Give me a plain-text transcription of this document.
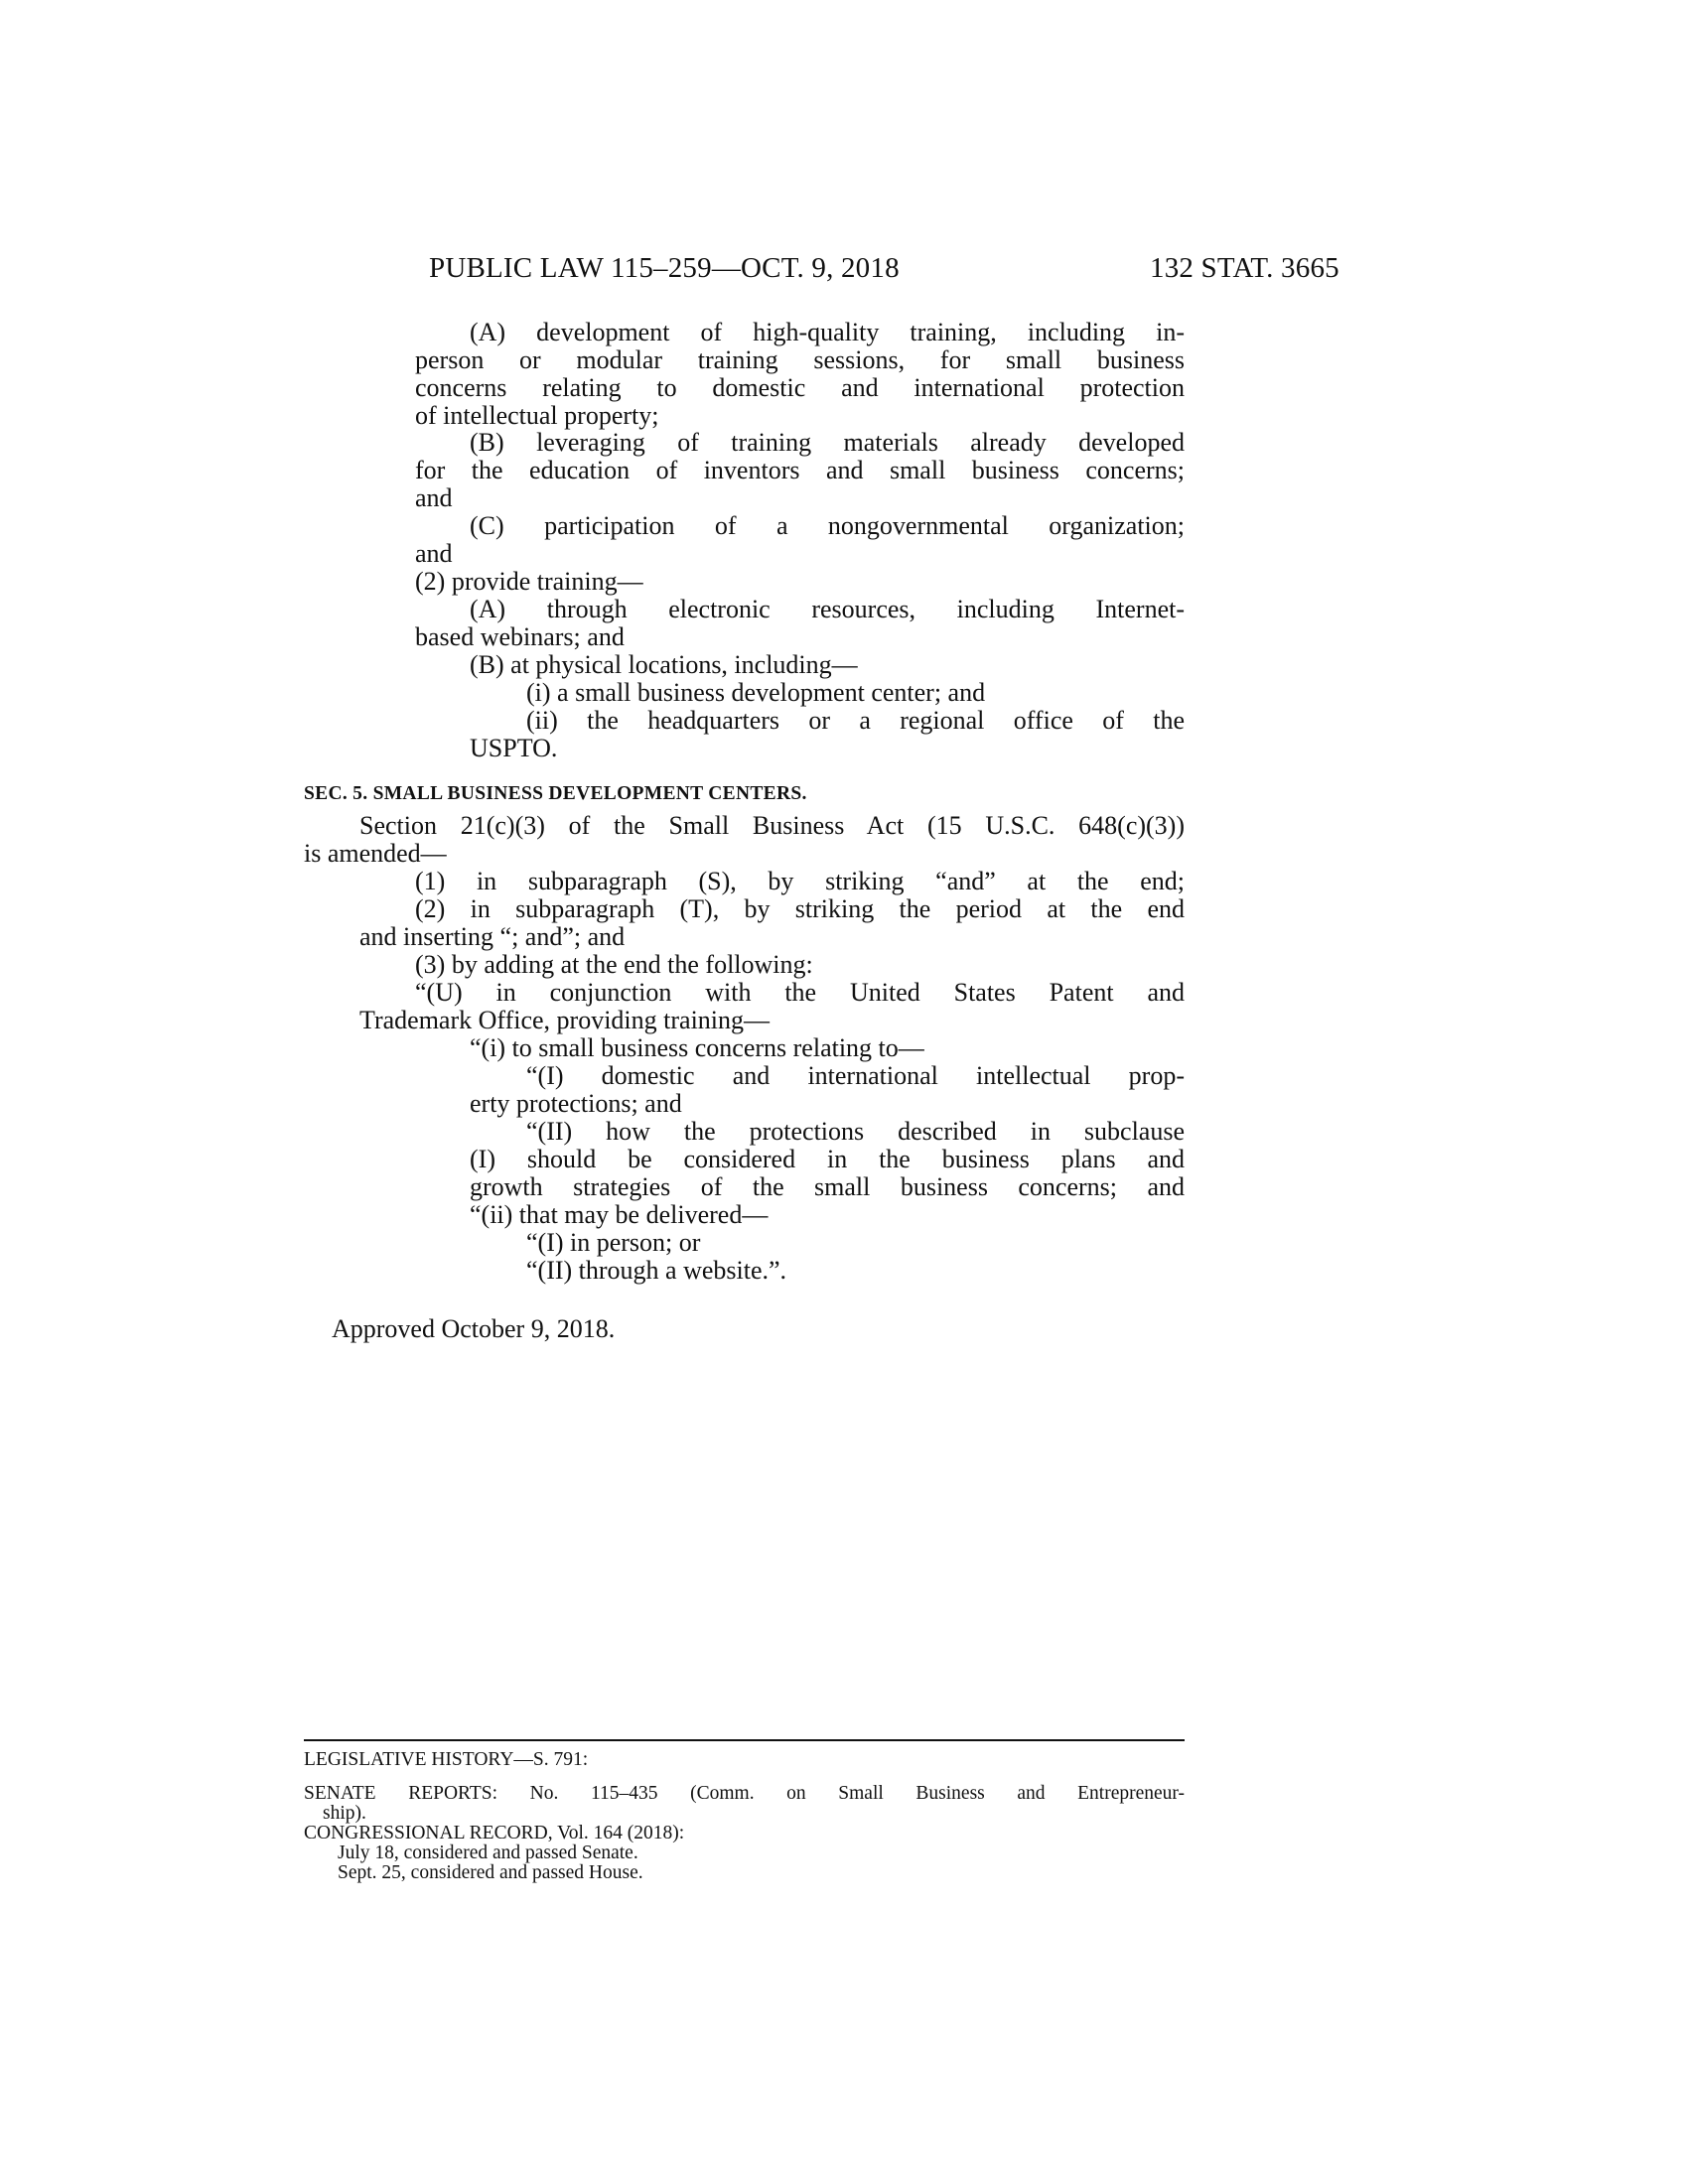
PUBLIC LAW 115–259—OCT. 9, 2018	132 STAT. 3665
(A) development of high-quality training, including in-
person or modular training sessions, for small business
concerns relating to domestic and international protection
of intellectual property;
(B) leveraging of training materials already developed
for the education of inventors and small business concerns;
and
(C) participation of a nongovernmental organization;
and
(2) provide training—
(A) through electronic resources, including Internet-
based webinars; and
(B) at physical locations, including—
(i) a small business development center; and
(ii) the headquarters or a regional office of the
USPTO.
SEC. 5. SMALL BUSINESS DEVELOPMENT CENTERS.
Section 21(c)(3) of the Small Business Act (15 U.S.C. 648(c)(3))
is amended—
(1) in subparagraph (S), by striking “and” at the end;
(2) in subparagraph (T), by striking the period at the end
and inserting “; and”; and
(3) by adding at the end the following:
“(U) in conjunction with the United States Patent and
Trademark Office, providing training—
“(i) to small business concerns relating to—
“(I) domestic and international intellectual prop-
erty protections; and
“(II) how the protections described in subclause
(I) should be considered in the business plans and
growth strategies of the small business concerns; and
“(ii) that may be delivered—
“(I) in person; or
“(II) through a website.”.
Approved October 9, 2018.
LEGISLATIVE HISTORY—S. 791:
SENATE REPORTS: No. 115–435 (Comm. on Small Business and Entrepreneur-
ship).
CONGRESSIONAL RECORD, Vol. 164 (2018):
July 18, considered and passed Senate.
Sept. 25, considered and passed House.
